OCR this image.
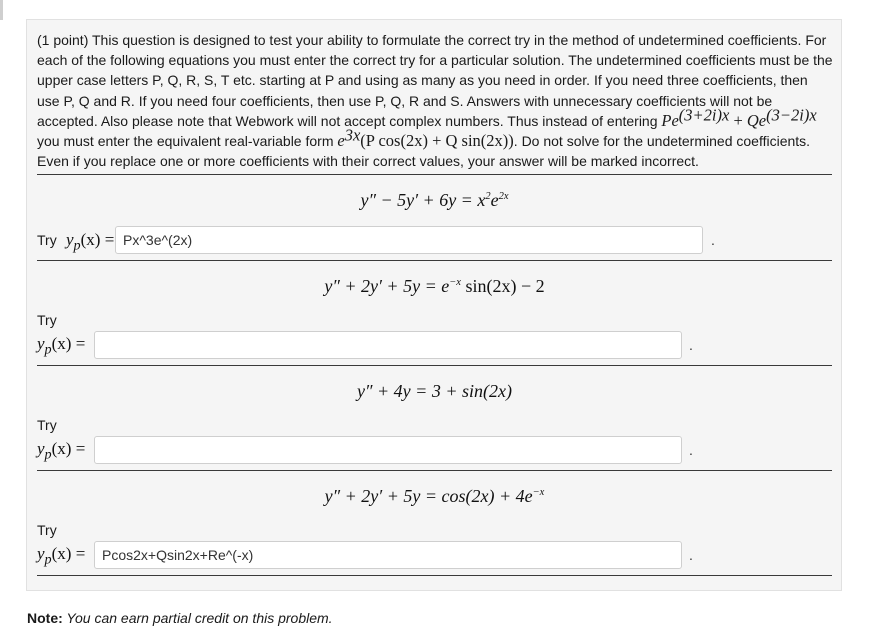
(1 point) This question is designed to test your ability to formulate the correct try in the method of undetermined coefficients. For each of the following equations you must enter the correct try for a particular solution. The undetermined coefficients must be the upper case letters P, Q, R, S, T etc. starting at P and using as many as you need in order. If you need three coefficients, then use P, Q and R. If you need four coefficients, then use P, Q, R and S. Answers with unnecessary coefficients will not be accepted. Also please note that Webwork will not accept complex numbers. Thus instead of entering $Pe^{(3+2i)x} + Qe^{(3-2i)x}$ you must enter the equivalent real-variable form $e^{3x}(P$ cos(2x) + Q sin(2x)). Do not solve for the undetermined coefficients. Even if you replace one or more coefficients with their correct values, your answer will be marked incorrect.
$y'' - 5y' + 6y = x^2e^{2x}$
Try $y_p(x)$ =
Px^3e^(2x)	.
$y'' + 2y' + 5y = e^{-x}$ sin(2x) − 2
Try
$y_p(x)$ =	.
y″ + 4y = 3 + sin(2x)
Try
$y_p(x)$ =	.
$y'' + 2y' + 5y = \cos(2x) + 4e^{-x}$
Try
$y_p(x)$ =
Pcos2x+Qsin2x+Re^(-x)	.
Note: You can earn partial credit on this problem.
